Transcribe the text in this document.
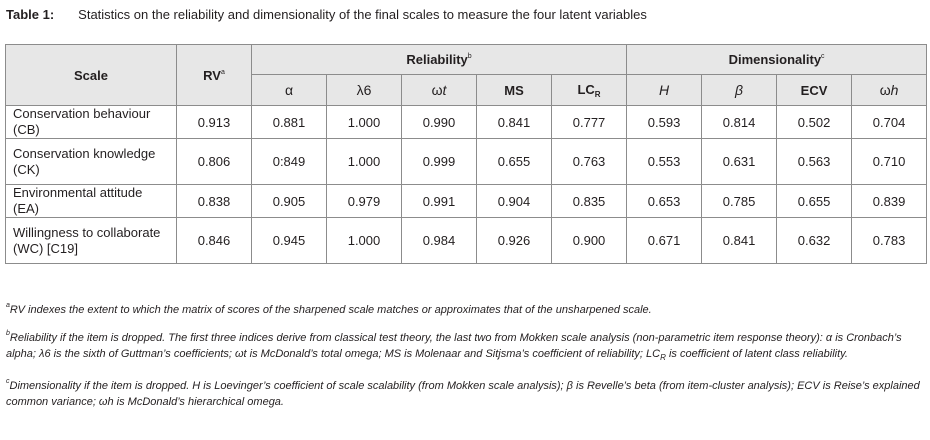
Table 1: Statistics on the reliability and dimensionality of the final scales to measure the four latent variables
Scale	$RV^a$	Reliability$^b$					Dimensionality$^c$
		α	λ6	ωt	MS	$LC_R$	H	β	ECV	ωh
Conservation behaviour (CB)	0.913	0.881	1.000	0.990	0.841	0.777	0.593	0.814	0.502	0.704
Conservation knowledge
(CK)	0.806	0:849	1.000	0.999	0.655	0.763	0.553	0.631	0.563	0.710
Environmental attitude (EA)	0.838	0.905	0.979	0.991	0.904	0.835	0.653	0.785	0.655	0.839
Willingness to collaborate
(WC) [C19]	0.846	0.945	1.000	0.984	0.926	0.900	0.671	0.841	0.632	0.783

$^a$RV indexes the extent to which the matrix of scores of the sharpened scale matches or approximates that of the unsharpened scale.

$^b$Reliability if the item is dropped. The first three indices derive from classical test theory, the last two from Mokken scale analysis (non-parametric item response theory): α is Cronbach’s alpha; λ6 is the sixth of Guttman’s coefficients; ωt is McDonald’s total omega; MS is Molenaar and Sitjsma’s coefficient of reliability; $LC_R$ is coefficient of latent class reliability.

$^c$Dimensionality if the item is dropped. H is Loevinger’s coefficient of scale scalability (from Mokken scale analysis); β is Revelle’s beta (from item-cluster analysis); ECV is Reise’s explained common variance; ωh is McDonald’s hierarchical omega.
